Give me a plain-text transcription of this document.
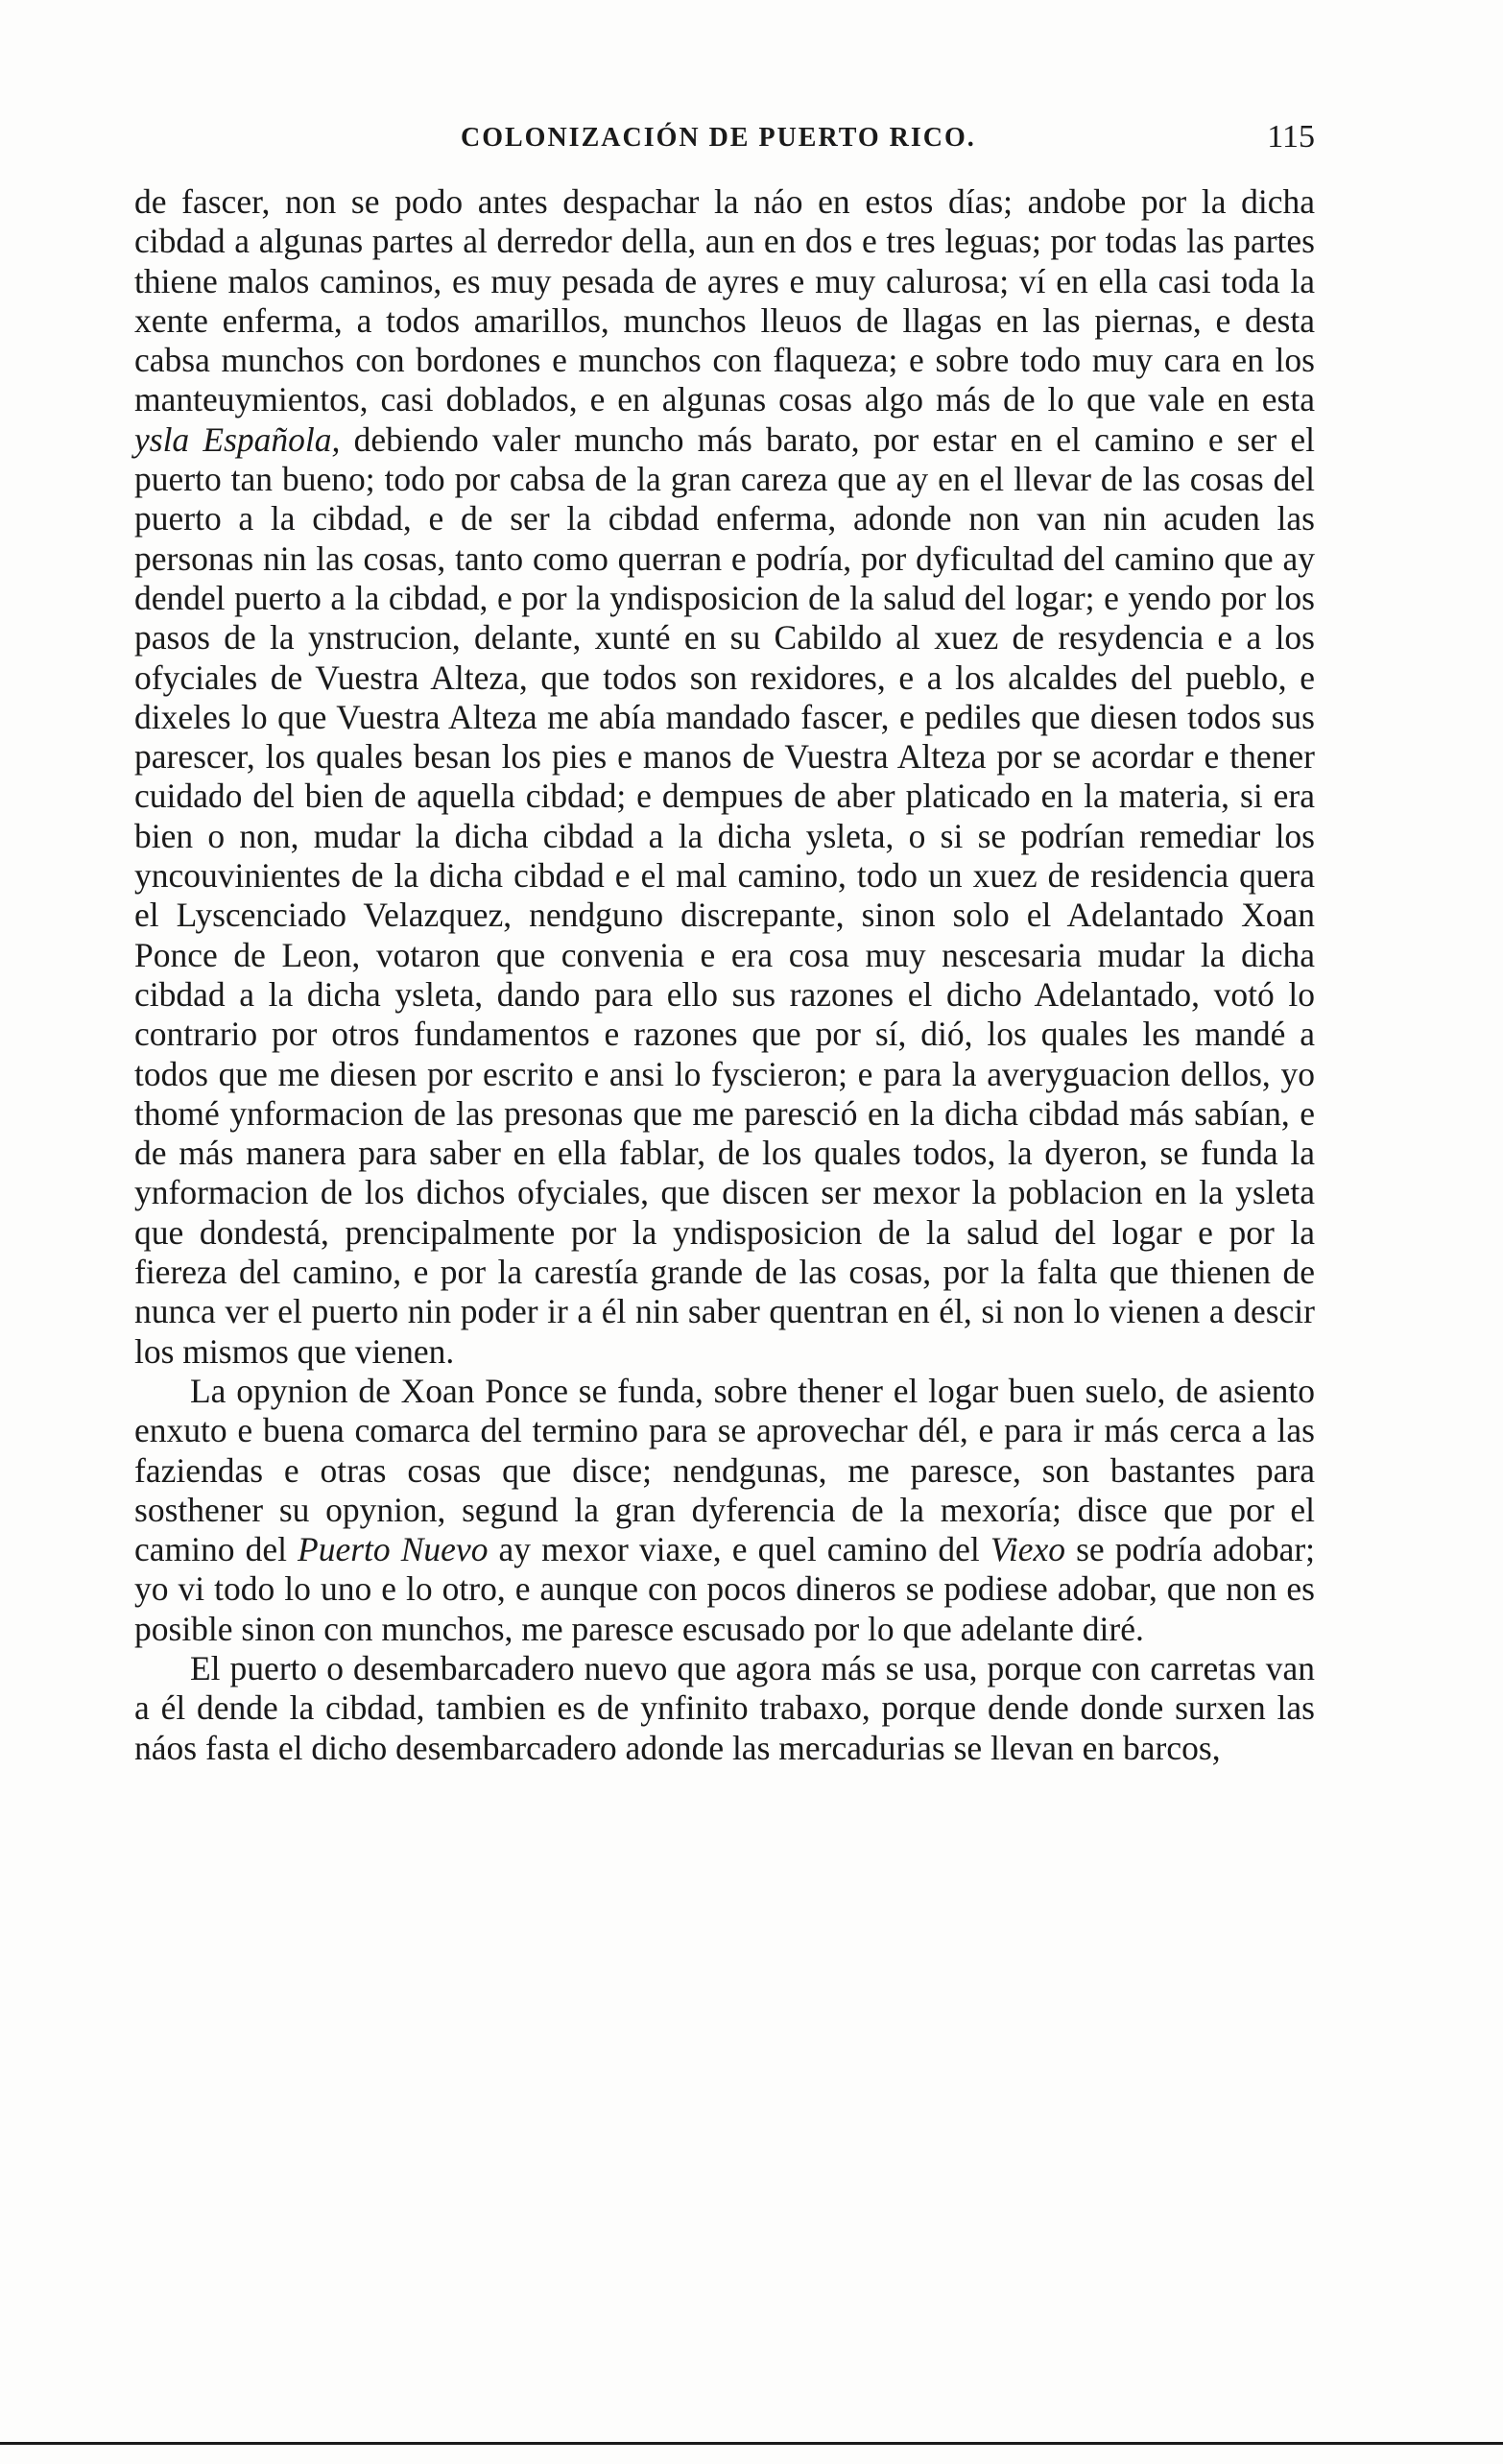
COLONIZACIÓN DE PUERTO RICO.	115

de fascer, non se podo antes despachar la náo en estos días; andobe por la dicha cibdad a algunas partes al derredor della, aun en dos e tres leguas; por todas las partes thiene malos caminos, es muy pesada de ayres e muy calurosa; ví en ella casi toda la xente enferma, a todos amarillos, munchos lleuos de llagas en las piernas, e desta cabsa munchos con bordones e munchos con flaqueza; e sobre todo muy cara en los manteuymientos, casi doblados, e en algunas cosas algo más de lo que vale en esta ysla Española, debiendo valer muncho más barato, por estar en el camino e ser el puerto tan bueno; todo por cabsa de la gran careza que ay en el llevar de las cosas del puerto a la cibdad, e de ser la cibdad enferma, adonde non van nin acuden las personas nin las cosas, tanto como querran e podría, por dyficultad del camino que ay dendel puerto a la cibdad, e por la yndisposicion de la salud del logar; e yendo por los pasos de la ynstrucion, delante, xunté en su Cabildo al xuez de resydencia e a los ofyciales de Vuestra Alteza, que todos son rexidores, e a los alcaldes del pueblo, e dixeles lo que Vuestra Alteza me abía mandado fascer, e pediles que diesen todos sus parescer, los quales besan los pies e manos de Vuestra Alteza por se acordar e thener cuidado del bien de aquella cibdad; e dempues de aber platicado en la materia, si era bien o non, mudar la dicha cibdad a la dicha ysleta, o si se podrían remediar los yncouvinientes de la dicha cibdad e el mal camino, todo un xuez de residencia quera el Lyscenciado Velazquez, nendguno discrepante, sinon solo el Adelantado Xoan Ponce de Leon, votaron que convenia e era cosa muy nescesaria mudar la dicha cibdad a la dicha ysleta, dando para ello sus razones el dicho Adelantado, votó lo contrario por otros fundamentos e razones que por sí, dió, los quales les mandé a todos que me diesen por escrito e ansi lo fyscieron; e para la averyguacion dellos, yo thomé ynformacion de las presonas que me paresció en la dicha cibdad más sabían, e de más manera para saber en ella fablar, de los quales todos, la dyeron, se funda la ynformacion de los dichos ofyciales, que discen ser mexor la poblacion en la ysleta que dondestá, prencipalmente por la yndisposicion de la salud del logar e por la fiereza del camino, e por la carestía grande de las cosas, por la falta que thienen de nunca ver el puerto nin poder ir a él nin saber quentran en él, si non lo vienen a descir los mismos que vienen.

La opynion de Xoan Ponce se funda, sobre thener el logar buen suelo, de asiento enxuto e buena comarca del termino para se aprovechar dél, e para ir más cerca a las faziendas e otras cosas que disce; nendgunas, me paresce, son bastantes para sosthener su opynion, segund la gran dyferencia de la mexoría; disce que por el camino del Puerto Nuevo ay mexor viaxe, e quel camino del Viexo se podría adobar; yo vi todo lo uno e lo otro, e aunque con pocos dineros se podiese adobar, que non es posible sinon con munchos, me paresce escusado por lo que adelante diré.

El puerto o desembarcadero nuevo que agora más se usa, porque con carretas van a él dende la cibdad, tambien es de ynfinito trabaxo, porque dende donde surxen las náos fasta el dicho desembarcadero adonde las mercadurias se llevan en barcos,
